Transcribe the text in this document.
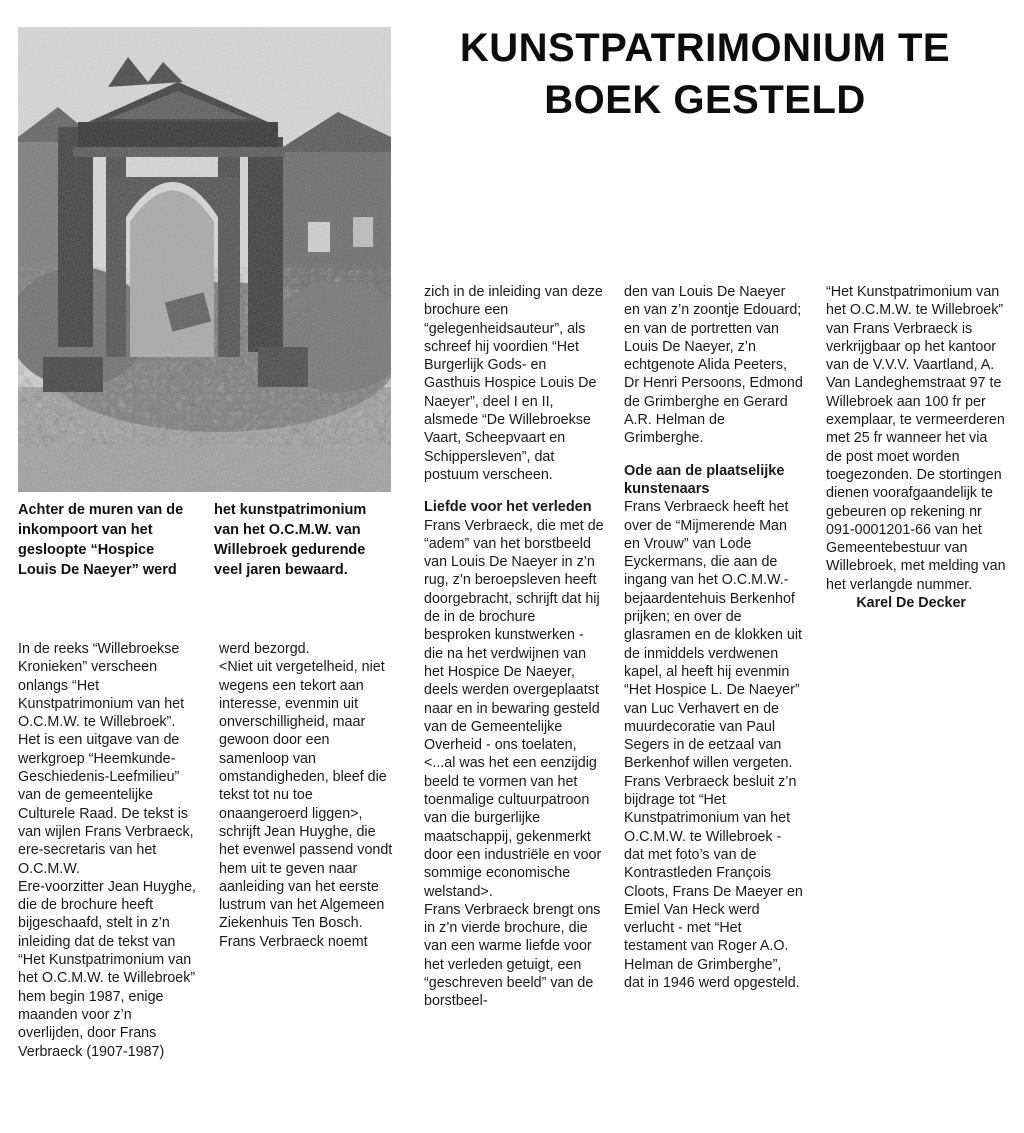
KUNSTPATRIMONIUM TE BOEK GESTELD

Achter de muren van de inkompoort van het gesloopte “Hospice Louis De Naeyer” werd

het kunstpatrimonium van het O.C.M.W. van Willebroek gedurende veel jaren bewaard.

In de reeks “Willebroekse Kronieken” verscheen onlangs “Het Kunstpatrimonium van het O.C.M.W. te Willebroek”. Het is een uitgave van de werkgroep “Heemkunde-Geschiedenis-Leefmilieu” van de gemeentelijke Culturele Raad. De tekst is van wijlen Frans Verbraeck, ere-secretaris van het O.C.M.W.

Ere-voorzitter Jean Huyghe, die de brochure heeft bijgeschaafd, stelt in z’n inleiding dat de tekst van “Het Kunstpatrimonium van het O.C.M.W. te Willebroek” hem begin 1987, enige maanden voor z’n overlijden, door Frans Verbraeck (1907-1987)

werd bezorgd.

<Niet uit vergetelheid, niet wegens een tekort aan interesse, evenmin uit onverschilligheid, maar gewoon door een samenloop van omstandigheden, bleef die tekst tot nu toe onaangeroerd liggen>, schrijft Jean Huyghe, die het evenwel passend vondt hem uit te geven naar aanleiding van het eerste lustrum van het Algemeen Ziekenhuis Ten Bosch.

Frans Verbraeck noemt

zich in de inleiding van deze brochure een “gelegenheidsauteur”, als schreef hij voordien “Het Burgerlijk Gods- en Gasthuis Hospice Louis De Naeyer”, deel I en II, alsmede “De Willebroekse Vaart, Scheepvaart en Schippersleven”, dat postuum verscheen.

Liefde voor het verleden

Frans Verbraeck, die met de “adem” van het borstbeeld van Louis De Naeyer in z’n rug, z’n beroepsleven heeft doorgebracht, schrijft dat hij de in de brochure besproken kunstwerken - die na het verdwijnen van het Hospice De Naeyer, deels werden overgeplaatst naar en in bewaring gesteld van de Gemeentelijke Overheid - ons toelaten, <...al was het een eenzijdig beeld te vormen van het toenmalige cultuurpatroon van die burgerlijke maatschappij, gekenmerkt door een industriële en voor sommige economische welstand>.

Frans Verbraeck brengt ons in z’n vierde brochure, die van een warme liefde voor het verleden getuigt, een “geschreven beeld” van de borstbeel-

den van Louis De Naeyer en van z’n zoontje Edouard; en van de portretten van Louis De Naeyer, z’n echtgenote Alida Peeters, Dr Henri Persoons, Edmond de Grimberghe en Gerard A.R. Helman de Grimberghe.

Ode aan de plaatselijke kunstenaars

Frans Verbraeck heeft het over de “Mijmerende Man en Vrouw” van Lode Eyckermans, die aan de ingang van het O.C.M.W.-bejaardentehuis Berkenhof prijken; en over de glasramen en de klokken uit de inmiddels verdwenen kapel, al heeft hij evenmin “Het Hospice L. De Naeyer” van Luc Verhavert en de muurdecoratie van Paul Segers in de eetzaal van Berkenhof willen vergeten.

Frans Verbraeck besluit z’n bijdrage tot “Het Kunstpatrimonium van het O.C.M.W. te Willebroek - dat met foto’s van de Kontrastleden François Cloots, Frans De Maeyer en Emiel Van Heck werd verlucht - met “Het testament van Roger A.O. Helman de Grimberghe”, dat in 1946 werd opgesteld.

“Het Kunstpatrimonium van het O.C.M.W. te Willebroek” van Frans Verbraeck is verkrijgbaar op het kantoor van de V.V.V. Vaartland, A. Van Landeghemstraat 97 te Willebroek aan 100 fr per exemplaar, te vermeerderen met 25 fr wanneer het via de post moet worden toegezonden. De stortingen dienen voorafgaandelijk te gebeuren op rekening nr 091-0001201-66 van het Gemeentebestuur van Willebroek, met melding van het verlangde nummer.

Karel De Decker
